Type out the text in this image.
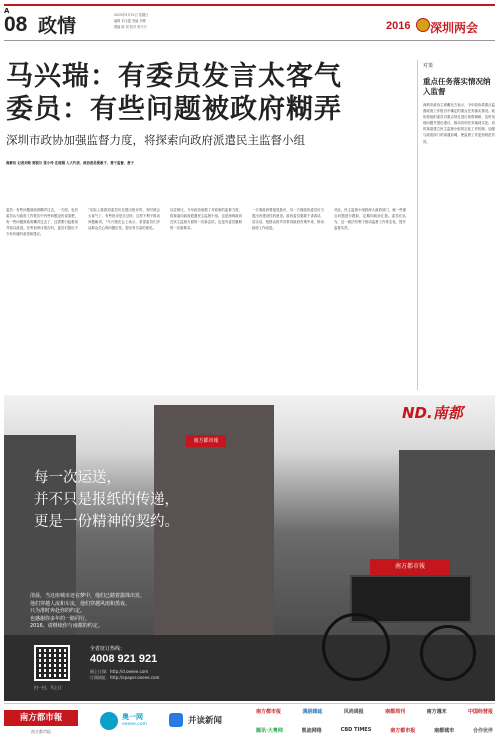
A
08 政情	2015年5月31日 星期日
编辑 刘玉霞 美编 刘博
图编 陈 刘 校对 郭今天	2016 深圳两会
马兴瑞：有委员发言太客气
委员：有些问题被政府糊弄
深圳市政协加强监督力度，将探索向政府派遣民主监督小组
南都讯 记者刘菊 郭锐川 张小玲 庄树娟 人大代表、政协委员要敢于、善于监督、善于
委员：有些问题被政府糊弄过去。一方面，也有委员认为政府工作报告中有些问题没有说清楚，有一些问题被政府糊弄过去了，这需要引起重视并加以改进。在听取审议报告时，委员们提出不少有价值的意见和建议。
"实际上我看到委员们在提出批评时，有时候会太客气了，有些批评是走过场，这样不利于推动问题解决。"马兴瑞在会上表示，希望委员们多从群众关心的问题出发，提出有分量的意见。
以往相比，今年政协加强了对政府的监督力度，将探索向政府派遣民主监督小组，这是深圳政协在民主监督方面的一次新尝试，也是对委员履职的一次新要求。
一方面政府要接受批评，另一方面政协委员应当提出有建设性的意见。政协委员要敢于讲真话、讲实话，把群众的声音带到政府决策中来，推动政府工作改进。
对此，民主监督小组将深入政府部门，就一些重点问题进行跟踪，定期向政协汇报。委员们认为，这一做法有利于推动监督工作常态化，提升监督实效。
对策
重点任务落实情况纳入监督
深圳市政协主席戴北方表示，今年政协将重点监督政府工作报告中确定的重点任务落实情况。政协将组织委员对重点项目进行视察调研，及时发现问题并提出建议，推动各项任务落到实处。同时探索建立民主监督小组常态化工作机制，加强与政府部门的沟通协调，使监督工作更加规范有效。
南方都市報
南方都市報
ND.南都
每一次运送，
并不只是报纸的传递，
更是一份精神的契约。
清晨，当这座城市还在梦中，他们已踏着露珠出发。
他们穿越人流和车流，他们穿越风雨和黑夜。
只为准时奔赴你的约定。
也感谢你多年的一路同行，
2016，请继续你与南都的约定。
扫一扫，马上订
全省征订热线：
4008 921 921
网上订阅：http://d.oeeee.com
订阅网址：http://epaper.oeeee.com
南方都市報
南方都市报
奥一网
oeeee.com	并读新闻
南方都市报	漢語雜誌	风尚周报	南都周刊	南方週末	中国经营报
腾讯·大粤网	凯迪网络	CBD TIMES	南方都市报	南都城市	合作伙伴
